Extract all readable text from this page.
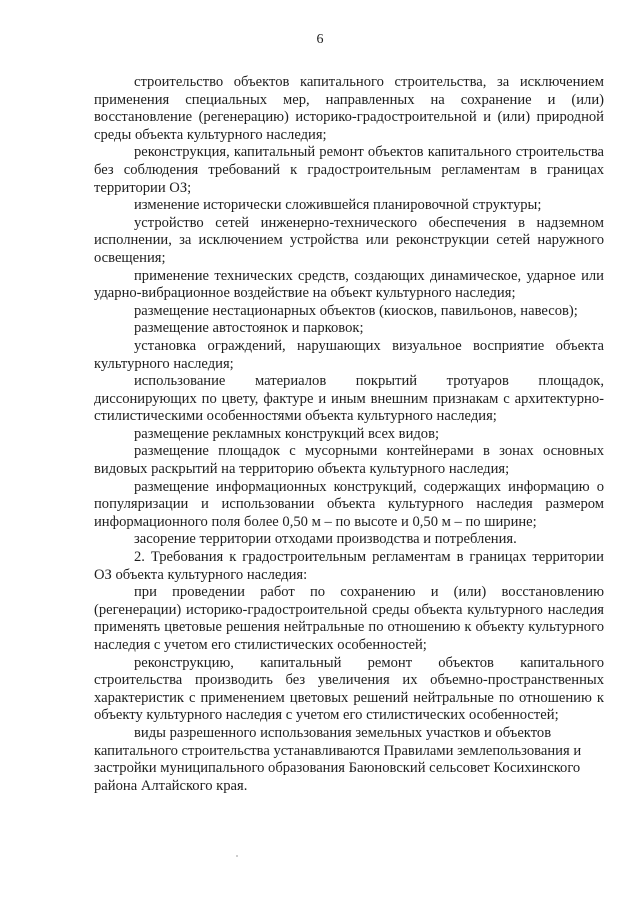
6

строительство объектов капитального строительства, за исключением применения специальных мер, направленных на сохранение и (или) восстановление (регенерацию) историко-градостроительной и (или) природной среды объекта культурного наследия;

реконструкция, капитальный ремонт объектов капитального строительства без соблюдения требований к градостроительным регламентам в границах территории ОЗ;

изменение исторически сложившейся планировочной структуры;

устройство сетей инженерно-технического обеспечения в надземном исполнении, за исключением устройства или реконструкции сетей наружного освещения;

применение технических средств, создающих динамическое, ударное или ударно-вибрационное воздействие на объект культурного наследия;

размещение нестационарных объектов (киосков, павильонов, навесов);

размещение автостоянок и парковок;

установка ограждений, нарушающих визуальное восприятие объекта культурного наследия;

использование материалов покрытий тротуаров площадок, диссонирующих по цвету, фактуре и иным внешним признакам с архитектурно-стилистическими особенностями объекта культурного наследия;

размещение рекламных конструкций всех видов;

размещение площадок с мусорными контейнерами в зонах основных видовых раскрытий на территорию объекта культурного наследия;

размещение информационных конструкций, содержащих информацию о популяризации и использовании объекта культурного наследия размером информационного поля более 0,50 м – по высоте и 0,50 м – по ширине;

засорение территории отходами производства и потребления.

2. Требования к градостроительным регламентам в границах территории ОЗ объекта культурного наследия:

при проведении работ по сохранению и (или) восстановлению (регенерации) историко-градостроительной среды объекта культурного наследия применять цветовые решения нейтральные по отношению к объекту культурного наследия с учетом его стилистических особенностей;

реконструкцию, капитальный ремонт объектов капитального строительства производить без увеличения их объемно-пространственных характеристик с применением цветовых решений нейтральные по отношению к объекту культурного наследия с учетом его стилистических особенностей;

виды разрешенного использования земельных участков и объектов капитального строительства устанавливаются Правилами землепользования и застройки муниципального образования Баюновский сельсовет Косихинского района Алтайского края.
